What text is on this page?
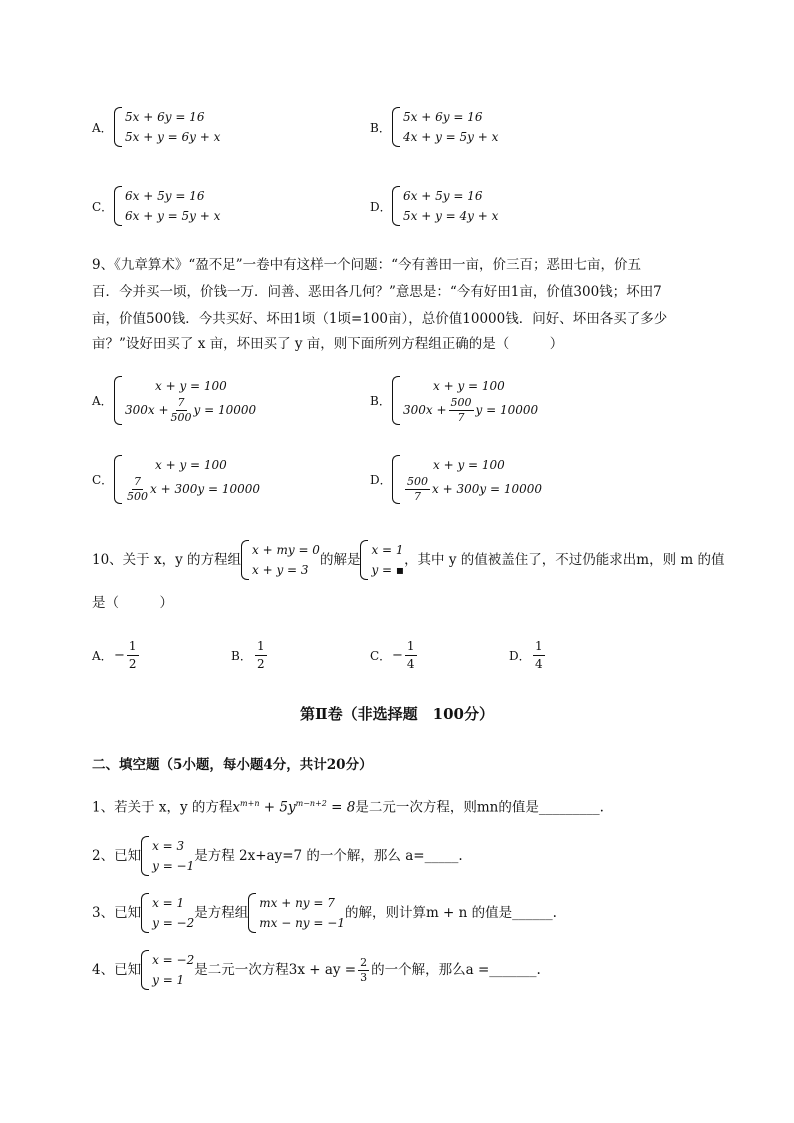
A．
5x + 6y = 16
5x + y = 6y + x
B．
5x + 6y = 16
4x + y = 5y + x
C．
6x + 5y = 16
6x + y = 5y + x
D．
6x + 5y = 16
5x + y = 4y + x
9、《九章算术》“盈不足”一卷中有这样一个问题：“今有善田一亩，价三百；恶田七亩，价五
百．今并买一顷，价钱一万．问善、恶田各几何？”意思是：“今有好田1亩，价值300钱；坏田7
亩，价值500钱．今共买好、坏田1顷（1顷=100亩），总价值10000钱．问好、坏田各买了多少
亩？”设好田买了 x 亩，坏田买了 y 亩，则下面所列方程组正确的是（　　　）
A．
x + y = 100
$300x + \frac{7}{500}$ y = 10000
B．
x + y = 100
$300x + \frac{500}{7}$ y = 10000
C．
x + y = 100
$\frac{7}{500}$ x + 300y = 10000
D．
x + y = 100
$\frac{500}{7}$ x + 300y = 10000
10、关于 x，y 的方程组
x + my = 0
x + y = 3
的解是
x = 1
y = ▪
，其中 y 的值被盖住了，不过仍能求出m，则 m 的值
是（　　　）
A． − $\frac{1}{2}$	B． $\frac{1}{2}$	C． − $\frac{1}{4}$	D． $\frac{1}{4}$
第Ⅱ卷（非选择题　100分）
二、填空题（5小题，每小题4分，共计20分）
1、若关于 x，y 的方程$x^{m+n} + 5y^{m-n+2} = 8$是二元一次方程，则mn的值是_________.
2、已知
x = 3
y = −1
是方程 2x+ay=7 的一个解，那么 a=_____.
3、已知
x = 1
y = −2
是方程组
mx + ny = 7
mx − ny = −1
的解，则计算m + n 的值是______.
4、已知
x = −2
y = 1
是二元一次方程3x + ay = $\frac{2}{3}$ 的一个解，那么a =_______.
